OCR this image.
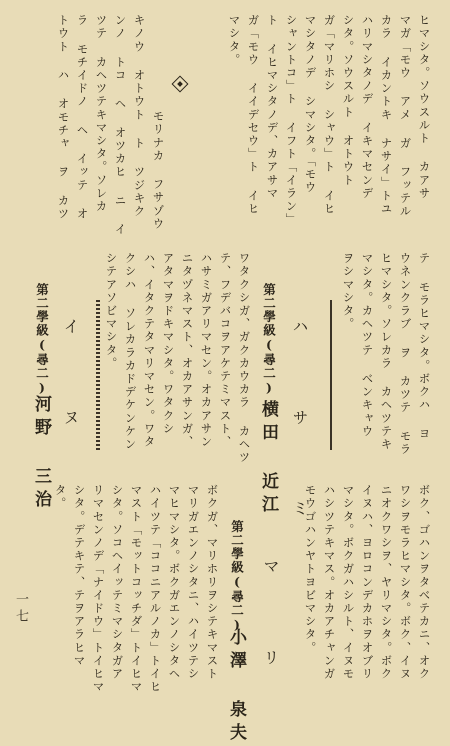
ヒマシタ。ソウスルト カアサ
マガ「モウ アメ ガ フッテル
カラ イカントキ ナサイ」トユ
ハリマシタノデ イキマセンデ
シタ。ソウスルト オトウト
ガ「マリホシ シャウ」ト イヒ
マシタノデ シマシタ。「モウ
シャントコ」ト イフト「イラン」
ト イヒマシタノデ、カアサマ
ガ「モウ イイデセウ」ト イヒ
マシタ。
モリナカ フサゾウ
キノウ オトウト ト ツジキク
ンノ トコ ヘ オツカヒ ニ イ
ツテ カヘツテキマシタ。ソレカ
ラ モチイドノ ヘ イッテ オ
トウト ハ オモチャ ヲ カツ
テ モラヒマシタ。ボクハ ヨ
ウネンクラブ ヲ カツテ モラ
ヒマシタ。ソレカラ カヘツテキ
マシタ。カヘツテ ベンキャウ
ヲシマシタ。
ハ サ ミ
第二學級(尋二)
横田 近江
ワタクシガ、ガクカウカラ カヘツ
テ、フデバコヲアケテミマスト、
ハサミガアリマセン。オカアサン
ニタヅネマスト、オカアサンガ、
アタマヲドキマシタ。ワタクシ
ハ、イタクテタマリマセン。ワタ
クシハ ソレカラカドデケンケン
シテアソビマシタ。
第二學級(尋二)
河野 三治
イ ヌ
ボク、ゴハンヲタベテカニ、オク
ワシヲモラヒマシタ。ボク、イヌ
ニオクワシヲ、ヤリマシタ。ボク
イヌハ、ヨロコンデカホヲオブリ
マシタ。ボクガハシルト、イヌモ
ハシツテキマス。オカアチャンガ
モウゴハンヤトヨビマシタ。
マ リ
第二學級(尋二)
小澤 泉夫
ボクガ、マリホリヲシテキマスト
マリガエンノシタニ、ハイツテシ
マヒマシタ。ボクガエンノシタヘ
ハイツテ「ココニアルノカ」トイヒ
マスト「モットコッチダ」トイヒマ
シタ。ソコヘイッテミマシタガア
リマセンノデ「ナイドウ」トイヒマ
シタ。デテキテ、テヲアラヒマ
タ。
一七
